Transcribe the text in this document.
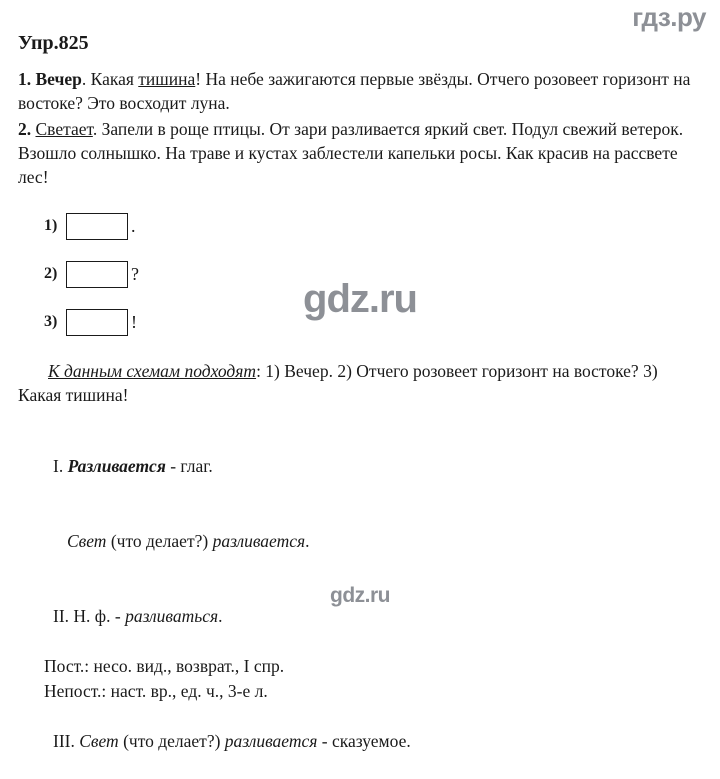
гдз.ру
Упр.825

1. Вечер. Какая тишина! На небе зажигаются первые звёзды. Отчего розовеет горизонт на востоке? Это восходит луна.

2. Светает. Запели в роще птицы. От зари разливается яркий свет. Подул свежий ветерок. Взошло солнышко. На траве и кустах заблестели капельки росы. Как красив на рассвете лес!

1)	.
2)	?
3)	!
К данным схемам подходят: 1) Вечер. 2) Отчего розовеет горизонт на востоке? 3) Какая тишина!

I. Разливается - глаг.

Свет (что делает?) разливается.

II. Н. ф. - разливаться.

Пост.: несо. вид., возврат., I спр.
Непост.: наст. вр., ед. ч., 3-е л.

III. Свет (что делает?) разливается - сказуемое.

gdz.ru
gdz.ru
